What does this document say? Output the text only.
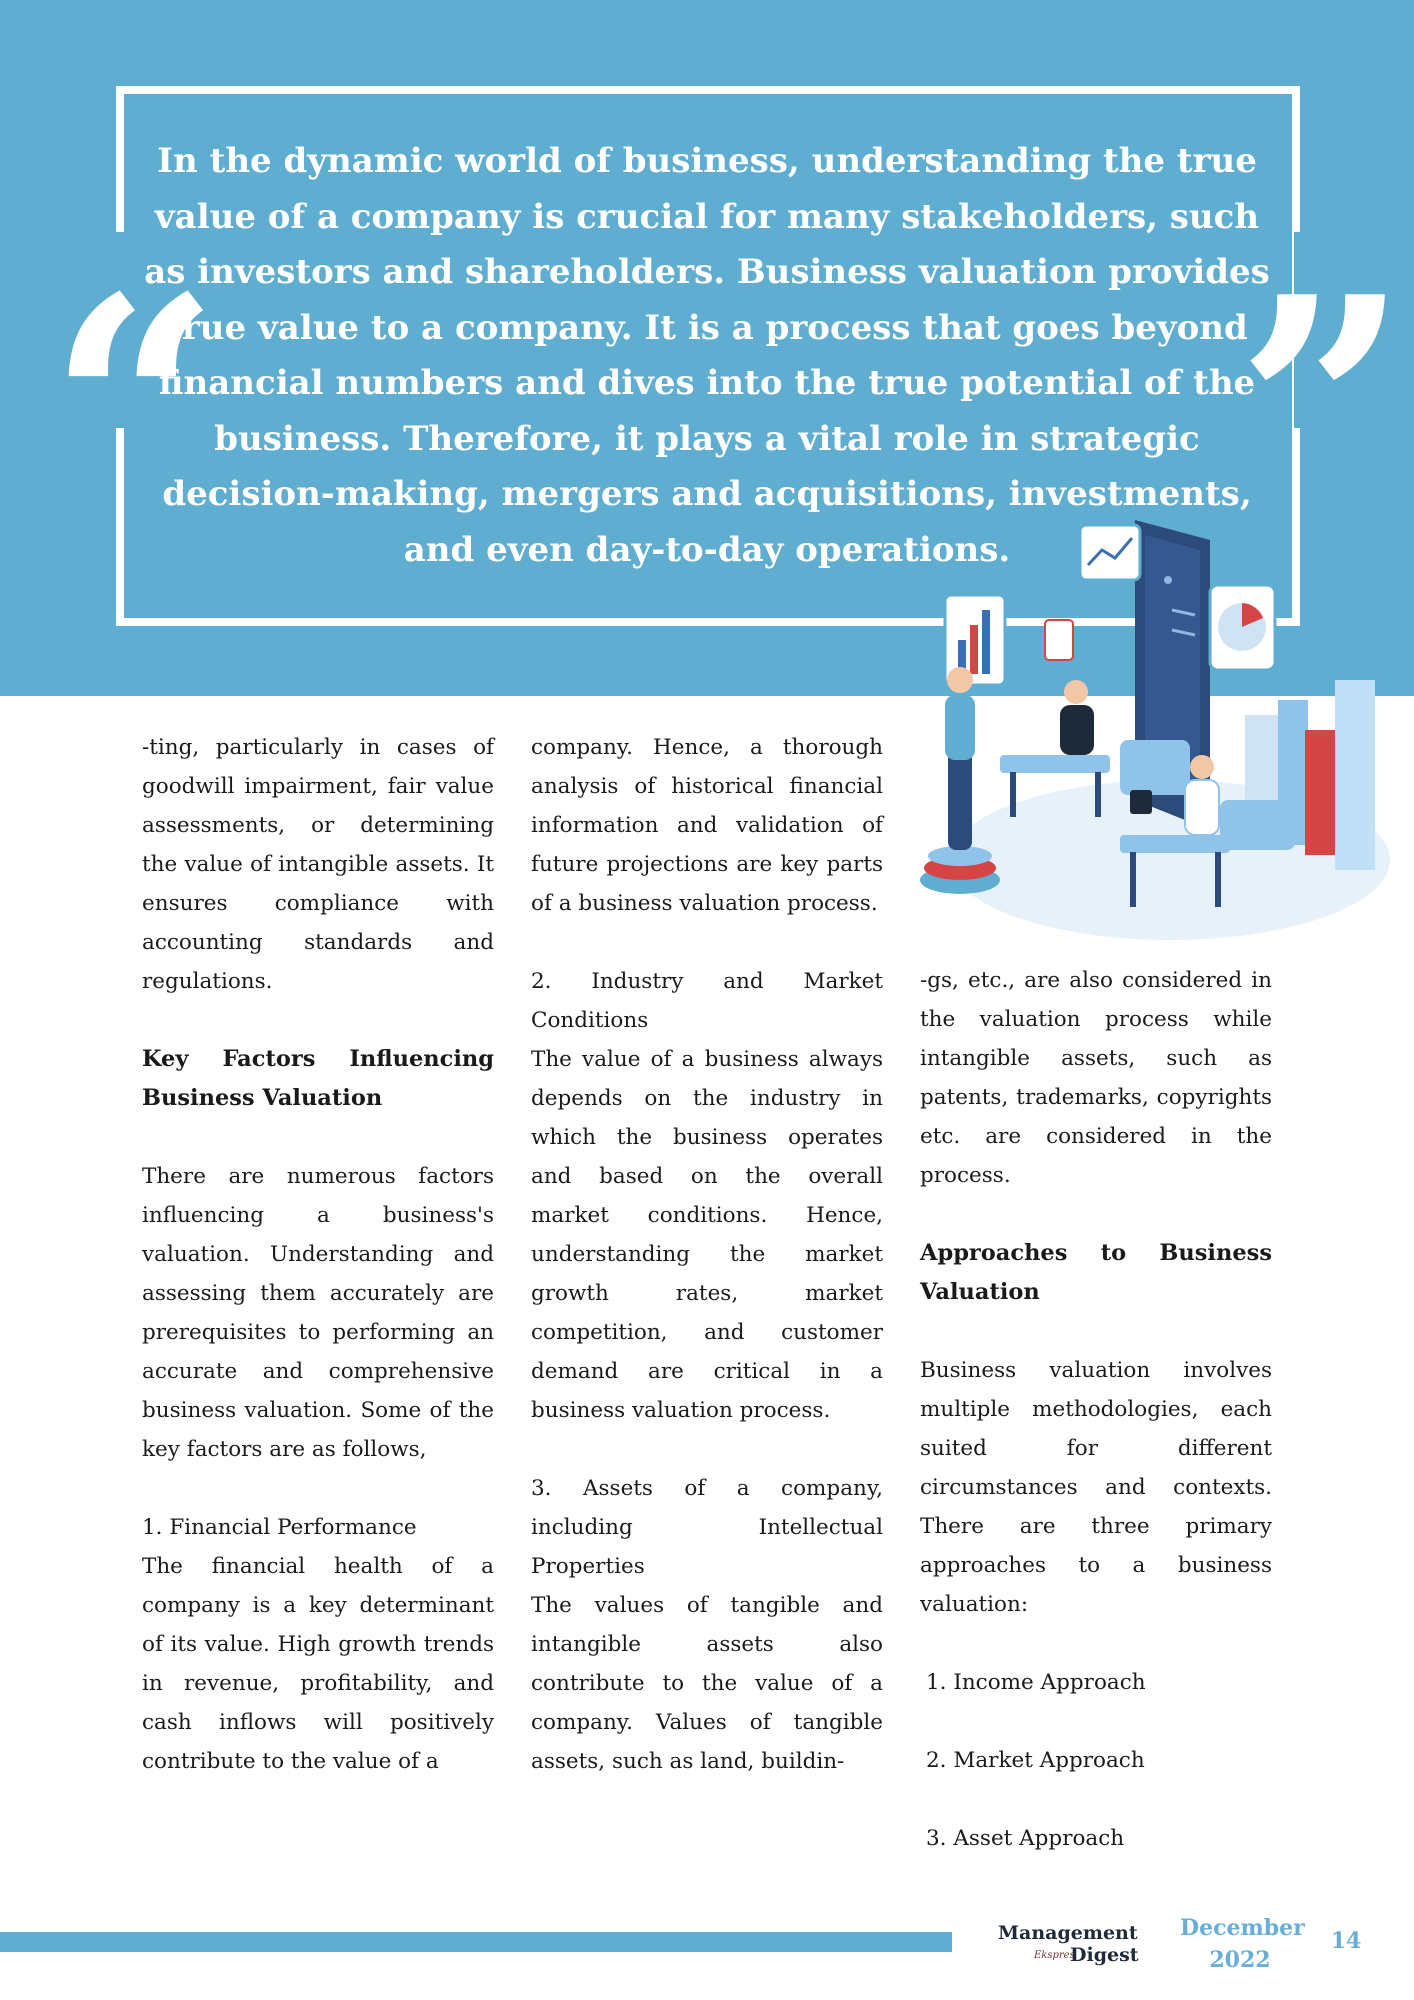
“	”
In the dynamic world of business, understanding the true value of a company is crucial for many stakeholders, such as investors and shareholders. Business valuation provides true value to a company. It is a process that goes beyond financial numbers and dives into the true potential of the business. Therefore, it plays a vital role in strategic decision-making, mergers and acquisitions, investments, and even day-to-day operations.

-ting, particularly in cases of goodwill impairment, fair value assessments, or determining the value of intangible assets. It ensures compliance with accounting standards and regulations.

Key Factors Influencing Business Valuation

There are numerous factors influencing a business's valuation. Understanding and assessing them accurately are prerequisites to performing an accurate and comprehensive business valuation. Some of the key factors are as follows,

1. Financial Performance

The financial health of a company is a key determinant of its value. High growth trends in revenue, profitability, and cash inflows will positively contribute to the value of a

company. Hence, a thorough analysis of historical financial information and validation of future projections are key parts of a business valuation process.

2. Industry and Market Conditions

The value of a business always depends on the industry in which the business operates and based on the overall market conditions. Hence, understanding the market growth rates, market competition, and customer demand are critical in a business valuation process.

3. Assets of a company, including Intellectual Properties

The values of tangible and intangible assets also contribute to the value of a company. Values of tangible assets, such as land, buildin-

-gs, etc., are also considered in the valuation process while intangible assets, such as patents, trademarks, copyrights etc. are considered in the process.

Approaches to Business Valuation

Business valuation involves multiple methodologies, each suited for different circumstances and contexts. There are three primary approaches to a business valuation:

1. Income Approach

2. Market Approach

3. Asset Approach

Management
Ekspres
Digest
December
2022
14
